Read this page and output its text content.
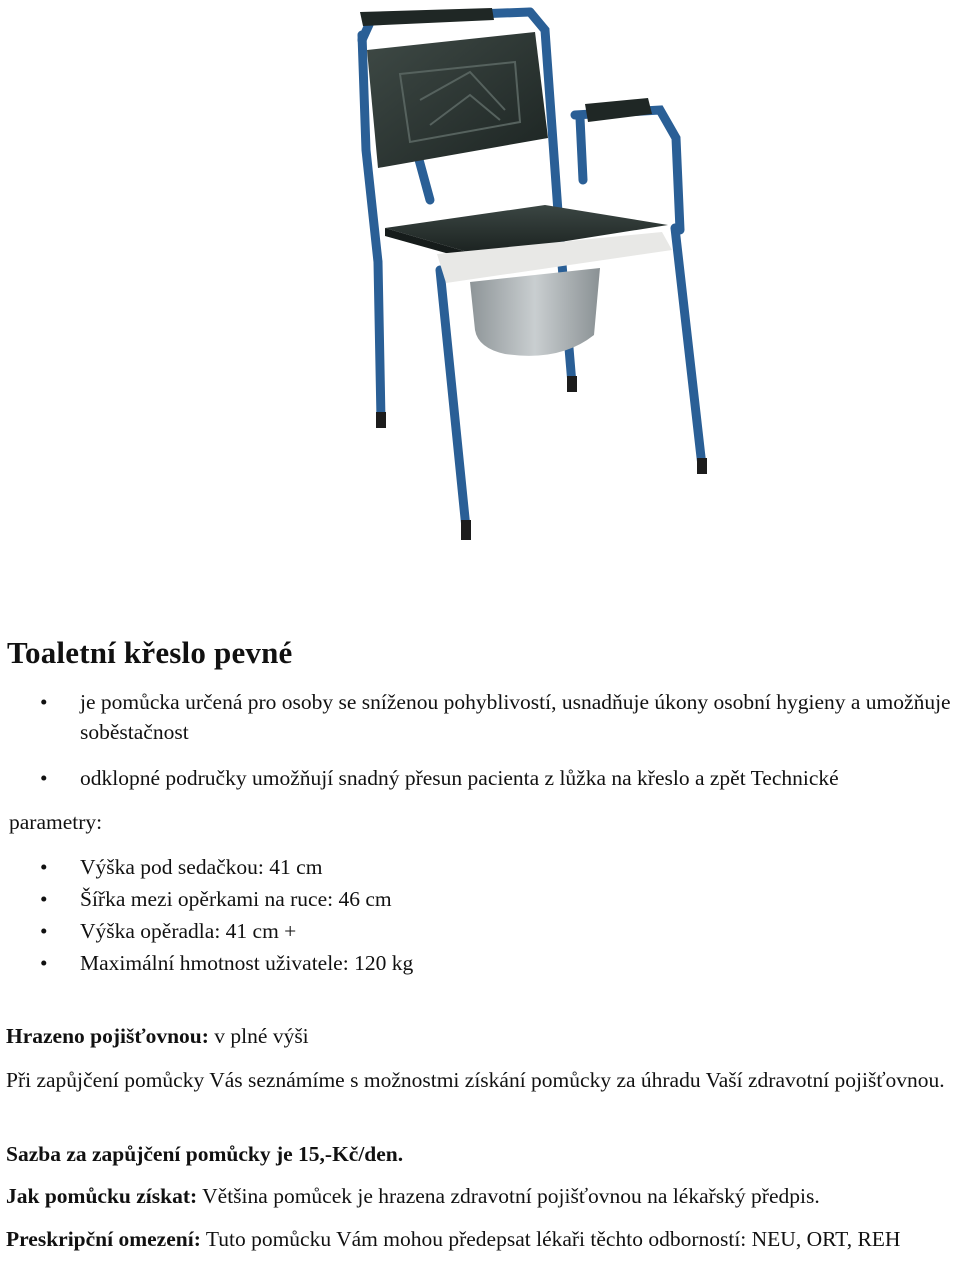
Toaletní křeslo pevné
• je pomůcka určená pro osoby se sníženou pohyblivostí, usnadňuje úkony osobní hygieny a umožňuje soběstačnost
• odklopné područky umožňují snadný přesun pacienta z lůžka na křeslo a zpět Technické

parametry:

• Výška pod sedačkou: 41 cm
• Šířka mezi opěrkami na ruce: 46 cm
• Výška opěradla: 41 cm +
• Maximální hmotnost uživatele: 120 kg

Hrazeno pojišťovnou: v plné výši

Při zapůjčení pomůcky Vás seznámíme s možnostmi získání pomůcky za úhradu Vaší zdravotní pojišťovnou.

Sazba za zapůjčení pomůcky je 15,-Kč/den.

Jak pomůcku získat: Většina pomůcek je hrazena zdravotní pojišťovnou na lékařský předpis.

Preskripční omezení: Tuto pomůcku Vám mohou předepsat lékaři těchto odborností: NEU, ORT, REH
